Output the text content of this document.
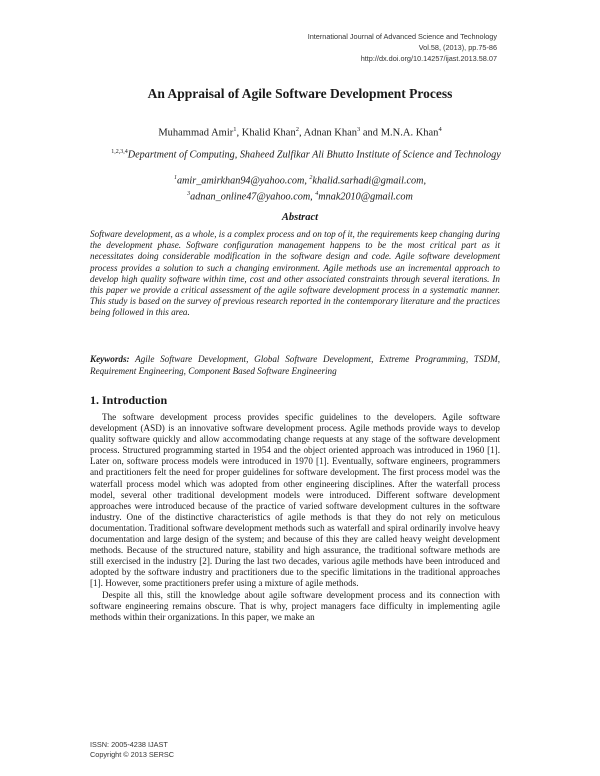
International Journal of Advanced Science and Technology
Vol.58, (2013), pp.75-86
http://dx.doi.org/10.14257/ijast.2013.58.07
An Appraisal of Agile Software Development Process
Muhammad Amir$^1$, Khalid Khan$^2$, Adnan Khan$^3$ and M.N.A. Khan$^4$
$^{1,2,3,4}$Department of Computing, Shaheed Zulfikar Ali Bhutto Institute of Science and Technology
$^1$amir_amirkhan94@yahoo.com, $^2$khalid.sarhadi@gmail.com,
$^3$adnan_online47@yahoo.com, $^4$mnak2010@gmail.com
Abstract

Software development, as a whole, is a complex process and on top of it, the requirements keep changing during the development phase. Software configuration management happens to be the most critical part as it necessitates doing considerable modification in the software design and code. Agile software development process provides a solution to such a changing environment. Agile methods use an incremental approach to develop high quality software within time, cost and other associated constraints through several iterations. In this paper we provide a critical assessment of the agile software development process in a systematic manner. This study is based on the survey of previous research reported in the contemporary literature and the practices being followed in this area.

Keywords: Agile Software Development, Global Software Development, Extreme Programming, TSDM, Requirement Engineering, Component Based Software Engineering

1. Introduction

The software development process provides specific guidelines to the developers. Agile software development (ASD) is an innovative software development process. Agile methods provide ways to develop quality software quickly and allow accommodating change requests at any stage of the software development process. Structured programming started in 1954 and the object oriented approach was introduced in 1960 [1]. Later on, software process models were introduced in 1970 [1]. Eventually, software engineers, programmers and practitioners felt the need for proper guidelines for software development. The first process model was the waterfall process model which was adopted from other engineering disciplines. After the waterfall process model, several other traditional development models were introduced. Different software development approaches were introduced because of the practice of varied software development cultures in the software industry. One of the distinctive characteristics of agile methods is that they do not rely on meticulous documentation. Traditional software development methods such as waterfall and spiral ordinarily involve heavy documentation and large design of the system; and because of this they are called heavy weight development methods. Because of the structured nature, stability and high assurance, the traditional software methods are still exercised in the industry [2]. During the last two decades, various agile methods have been introduced and adopted by the software industry and practitioners due to the specific limitations in the traditional approaches [1]. However, some practitioners prefer using a mixture of agile methods.

Despite all this, still the knowledge about agile software development process and its connection with software engineering remains obscure. That is why, project managers face difficulty in implementing agile methods within their organizations. In this paper, we make an

ISSN: 2005-4238 IJAST
Copyright © 2013 SERSC
